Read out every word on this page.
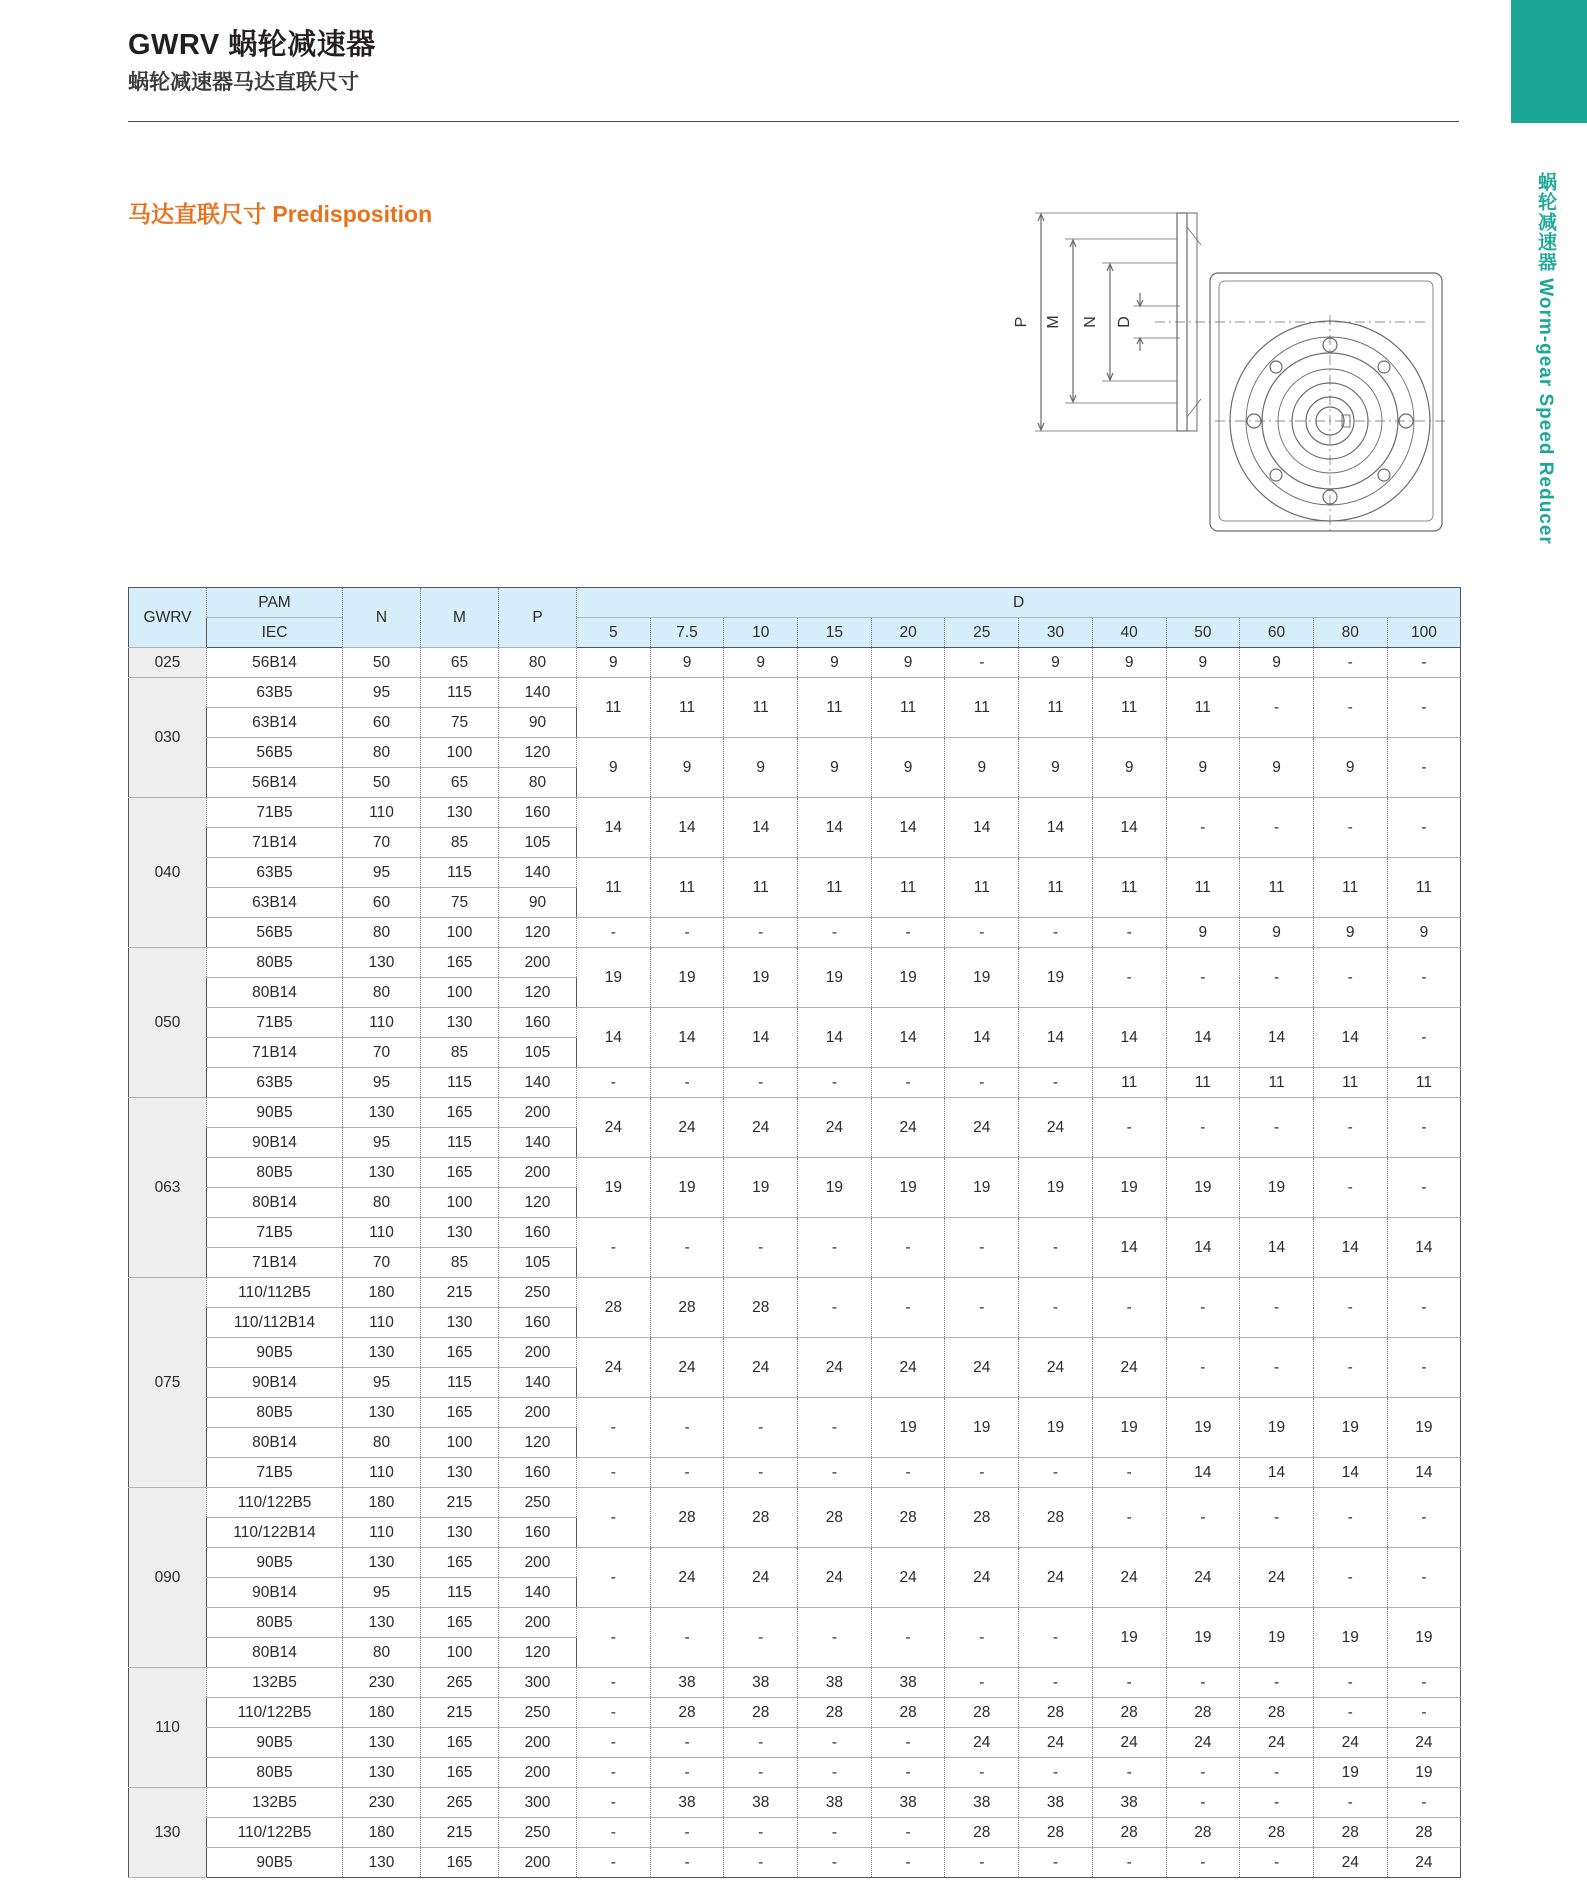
蜗轮减速器 Worm-gear Speed Reducer
GWRV 蜗轮减速器
蜗轮减速器马达直联尺寸
马达直联尺寸 Predisposition
P M N D
GWRV	PAM	N	M	P	D											
	IEC				5	7.5	10	15	20	25	30	40	50	60	80	100
025	56B14	50	65	80	9	9	9	9	9	-	9	9	9	9	-	-
030	63B5	95	115	140	11	11	11	11	11	11	11	11	11	-	-	-
	63B14	60	75	90												
	56B5	80	100	120	9	9	9	9	9	9	9	9	9	9	9	-
	56B14	50	65	80												
040	71B5	110	130	160	14	14	14	14	14	14	14	14	-	-	-	-
	71B14	70	85	105												
	63B5	95	115	140	11	11	11	11	11	11	11	11	11	11	11	11
	63B14	60	75	90												
	56B5	80	100	120	-	-	-	-	-	-	-	-	9	9	9	9
050	80B5	130	165	200	19	19	19	19	19	19	19	-	-	-	-	-
	80B14	80	100	120												
	71B5	110	130	160	14	14	14	14	14	14	14	14	14	14	14	-
	71B14	70	85	105												
	63B5	95	115	140	-	-	-	-	-	-	-	11	11	11	11	11
063	90B5	130	165	200	24	24	24	24	24	24	24	-	-	-	-	-
	90B14	95	115	140												
	80B5	130	165	200	19	19	19	19	19	19	19	19	19	19	-	-
	80B14	80	100	120												
	71B5	110	130	160	-	-	-	-	-	-	-	14	14	14	14	14
	71B14	70	85	105												
075	110/112B5	180	215	250	28	28	28	-	-	-	-	-	-	-	-	-
	110/112B14	110	130	160												
	90B5	130	165	200	24	24	24	24	24	24	24	24	-	-	-	-
	90B14	95	115	140												
	80B5	130	165	200	-	-	-	-	19	19	19	19	19	19	19	19
	80B14	80	100	120												
	71B5	110	130	160	-	-	-	-	-	-	-	-	14	14	14	14
090	110/122B5	180	215	250	-	28	28	28	28	28	28	-	-	-	-	-
	110/122B14	110	130	160												
	90B5	130	165	200	-	24	24	24	24	24	24	24	24	24	-	-
	90B14	95	115	140												
	80B5	130	165	200	-	-	-	-	-	-	-	19	19	19	19	19
	80B14	80	100	120												
110	132B5	230	265	300	-	38	38	38	38	-	-	-	-	-	-	-
	110/122B5	180	215	250	-	28	28	28	28	28	28	28	28	28	-	-
	90B5	130	165	200	-	-	-	-	-	24	24	24	24	24	24	24
	80B5	130	165	200	-	-	-	-	-	-	-	-	-	-	19	19
130	132B5	230	265	300	-	38	38	38	38	38	38	38	-	-	-	-
	110/122B5	180	215	250	-	-	-	-	-	28	28	28	28	28	28	28
	90B5	130	165	200	-	-	-	-	-	-	-	-	-	-	24	24
